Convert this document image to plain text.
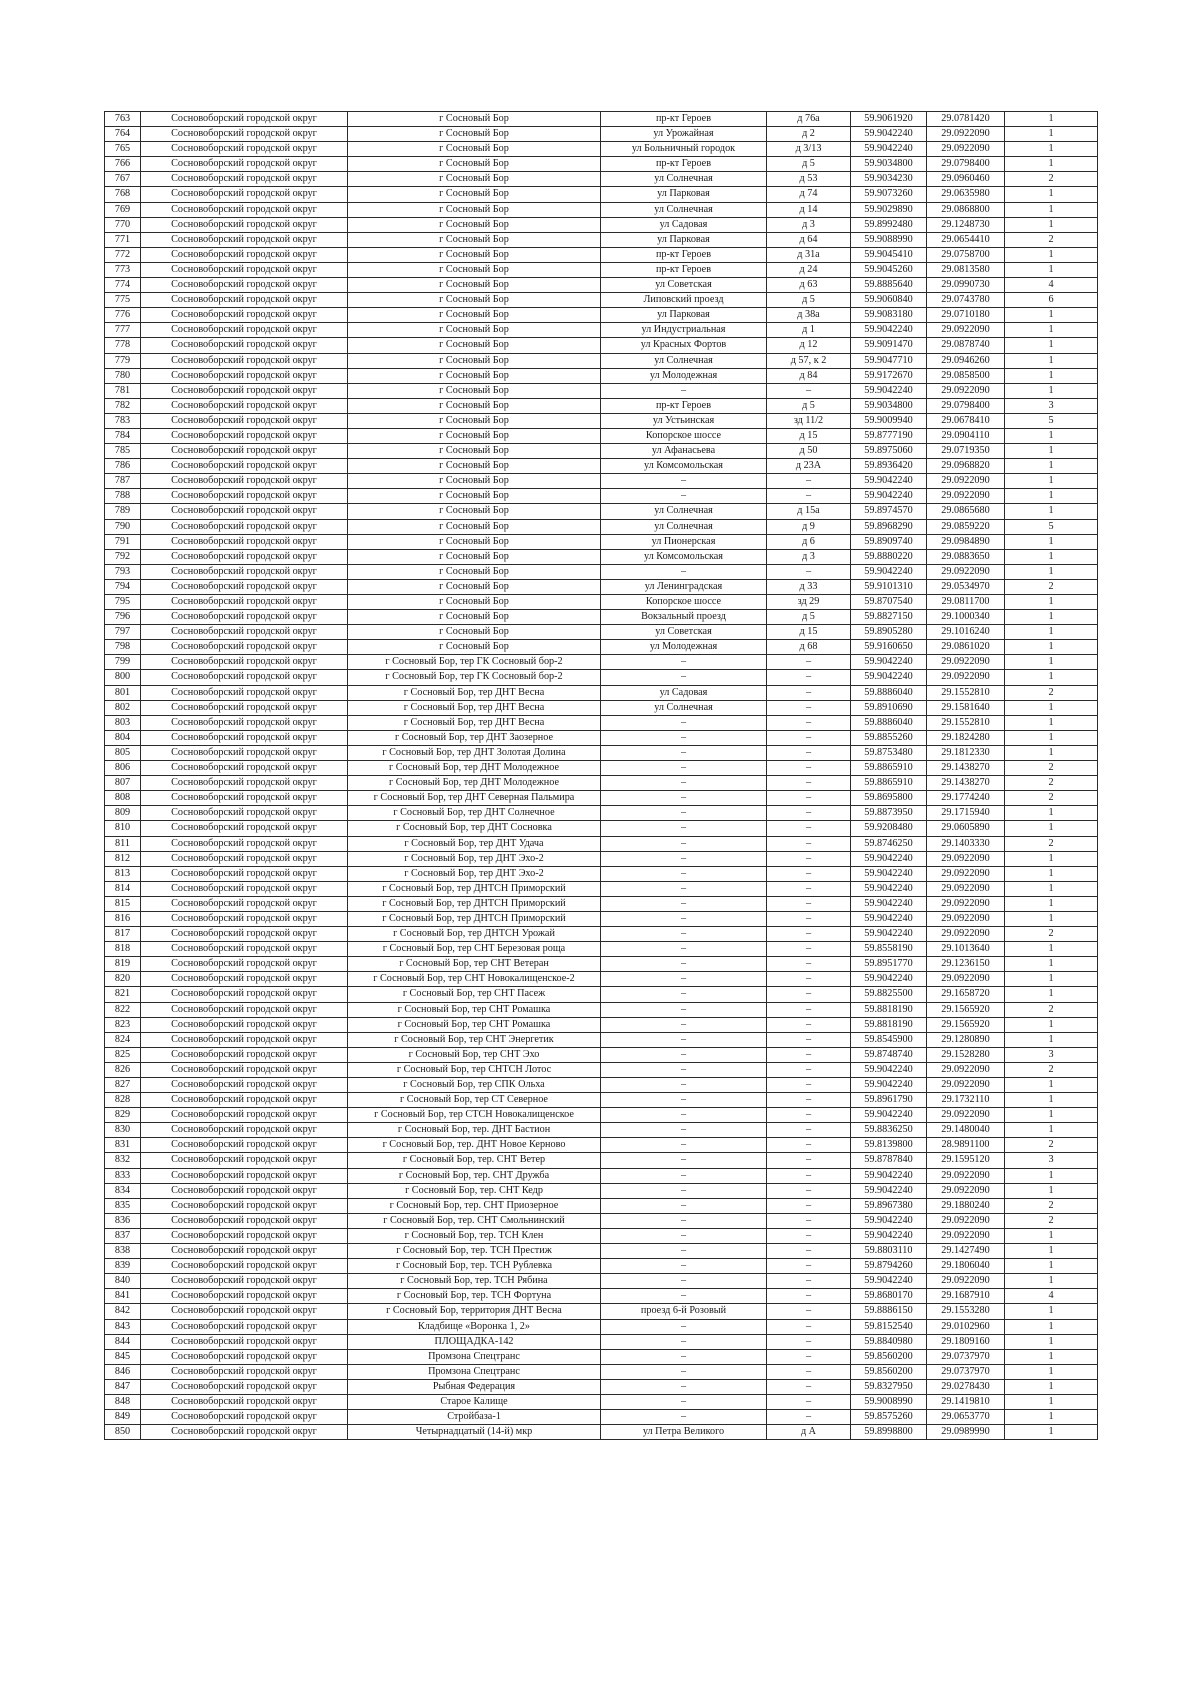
763	Сосновоборский городской округ	г Сосновый Бор	пр-кт Героев	д 76а	59.9061920	29.0781420	1
764	Сосновоборский городской округ	г Сосновый Бор	ул Урожайная	д 2	59.9042240	29.0922090	1
765	Сосновоборский городской округ	г Сосновый Бор	ул Больничный городок	д 3/13	59.9042240	29.0922090	1
766	Сосновоборский городской округ	г Сосновый Бор	пр-кт Героев	д 5	59.9034800	29.0798400	1
767	Сосновоборский городской округ	г Сосновый Бор	ул Солнечная	д 53	59.9034230	29.0960460	2
768	Сосновоборский городской округ	г Сосновый Бор	ул Парковая	д 74	59.9073260	29.0635980	1
769	Сосновоборский городской округ	г Сосновый Бор	ул Солнечная	д 14	59.9029890	29.0868800	1
770	Сосновоборский городской округ	г Сосновый Бор	ул Садовая	д 3	59.8992480	29.1248730	1
771	Сосновоборский городской округ	г Сосновый Бор	ул Парковая	д 64	59.9088990	29.0654410	2
772	Сосновоборский городской округ	г Сосновый Бор	пр-кт Героев	д 31а	59.9045410	29.0758700	1
773	Сосновоборский городской округ	г Сосновый Бор	пр-кт Героев	д 24	59.9045260	29.0813580	1
774	Сосновоборский городской округ	г Сосновый Бор	ул Советская	д 63	59.8885640	29.0990730	4
775	Сосновоборский городской округ	г Сосновый Бор	Липовский проезд	д 5	59.9060840	29.0743780	6
776	Сосновоборский городской округ	г Сосновый Бор	ул Парковая	д 38а	59.9083180	29.0710180	1
777	Сосновоборский городской округ	г Сосновый Бор	ул Индустриальная	д 1	59.9042240	29.0922090	1
778	Сосновоборский городской округ	г Сосновый Бор	ул Красных Фортов	д 12	59.9091470	29.0878740	1
779	Сосновоборский городской округ	г Сосновый Бор	ул Солнечная	д 57, к 2	59.9047710	29.0946260	1
780	Сосновоборский городской округ	г Сосновый Бор	ул Молодежная	д 84	59.9172670	29.0858500	1
781	Сосновоборский городской округ	г Сосновый Бор	–	–	59.9042240	29.0922090	1
782	Сосновоборский городской округ	г Сосновый Бор	пр-кт Героев	д 5	59.9034800	29.0798400	3
783	Сосновоборский городской округ	г Сосновый Бор	ул Устьинская	зд 11/2	59.9009940	29.0678410	5
784	Сосновоборский городской округ	г Сосновый Бор	Копорское шоссе	д 15	59.8777190	29.0904110	1
785	Сосновоборский городской округ	г Сосновый Бор	ул Афанасьева	д 50	59.8975060	29.0719350	1
786	Сосновоборский городской округ	г Сосновый Бор	ул Комсомольская	д 23А	59.8936420	29.0968820	1
787	Сосновоборский городской округ	г Сосновый Бор	–	–	59.9042240	29.0922090	1
788	Сосновоборский городской округ	г Сосновый Бор	–	–	59.9042240	29.0922090	1
789	Сосновоборский городской округ	г Сосновый Бор	ул Солнечная	д 15а	59.8974570	29.0865680	1
790	Сосновоборский городской округ	г Сосновый Бор	ул Солнечная	д 9	59.8968290	29.0859220	5
791	Сосновоборский городской округ	г Сосновый Бор	ул Пионерская	д 6	59.8909740	29.0984890	1
792	Сосновоборский городской округ	г Сосновый Бор	ул Комсомольская	д 3	59.8880220	29.0883650	1
793	Сосновоборский городской округ	г Сосновый Бор	–	–	59.9042240	29.0922090	1
794	Сосновоборский городской округ	г Сосновый Бор	ул Ленинградская	д 33	59.9101310	29.0534970	2
795	Сосновоборский городской округ	г Сосновый Бор	Копорское шоссе	зд 29	59.8707540	29.0811700	1
796	Сосновоборский городской округ	г Сосновый Бор	Вокзальный проезд	д 5	59.8827150	29.1000340	1
797	Сосновоборский городской округ	г Сосновый Бор	ул Советская	д 15	59.8905280	29.1016240	1
798	Сосновоборский городской округ	г Сосновый Бор	ул Молодежная	д 68	59.9160650	29.0861020	1
799	Сосновоборский городской округ	г Сосновый Бор, тер ГК Сосновый бор-2	–	–	59.9042240	29.0922090	1
800	Сосновоборский городской округ	г Сосновый Бор, тер ГК Сосновый бор-2	–	–	59.9042240	29.0922090	1
801	Сосновоборский городской округ	г Сосновый Бор, тер ДНТ Весна	ул Садовая	–	59.8886040	29.1552810	2
802	Сосновоборский городской округ	г Сосновый Бор, тер ДНТ Весна	ул Солнечная	–	59.8910690	29.1581640	1
803	Сосновоборский городской округ	г Сосновый Бор, тер ДНТ Весна	–	–	59.8886040	29.1552810	1
804	Сосновоборский городской округ	г Сосновый Бор, тер ДНТ Заозерное	–	–	59.8855260	29.1824280	1
805	Сосновоборский городской округ	г Сосновый Бор, тер ДНТ Золотая Долина	–	–	59.8753480	29.1812330	1
806	Сосновоборский городской округ	г Сосновый Бор, тер ДНТ Молодежное	–	–	59.8865910	29.1438270	2
807	Сосновоборский городской округ	г Сосновый Бор, тер ДНТ Молодежное	–	–	59.8865910	29.1438270	2
808	Сосновоборский городской округ	г Сосновый Бор, тер ДНТ Северная Пальмира	–	–	59.8695800	29.1774240	2
809	Сосновоборский городской округ	г Сосновый Бор, тер ДНТ Солнечное	–	–	59.8873950	29.1715940	1
810	Сосновоборский городской округ	г Сосновый Бор, тер ДНТ Сосновка	–	–	59.9208480	29.0605890	1
811	Сосновоборский городской округ	г Сосновый Бор, тер ДНТ Удача	–	–	59.8746250	29.1403330	2
812	Сосновоборский городской округ	г Сосновый Бор, тер ДНТ Эхо-2	–	–	59.9042240	29.0922090	1
813	Сосновоборский городской округ	г Сосновый Бор, тер ДНТ Эхо-2	–	–	59.9042240	29.0922090	1
814	Сосновоборский городской округ	г Сосновый Бор, тер ДНТСН Приморский	–	–	59.9042240	29.0922090	1
815	Сосновоборский городской округ	г Сосновый Бор, тер ДНТСН Приморский	–	–	59.9042240	29.0922090	1
816	Сосновоборский городской округ	г Сосновый Бор, тер ДНТСН Приморский	–	–	59.9042240	29.0922090	1
817	Сосновоборский городской округ	г Сосновый Бор, тер ДНТСН Урожай	–	–	59.9042240	29.0922090	2
818	Сосновоборский городской округ	г Сосновый Бор, тер СНТ Березовая роща	–	–	59.8558190	29.1013640	1
819	Сосновоборский городской округ	г Сосновый Бор, тер СНТ Ветеран	–	–	59.8951770	29.1236150	1
820	Сосновоборский городской округ	г Сосновый Бор, тер СНТ Новокалищенское-2	–	–	59.9042240	29.0922090	1
821	Сосновоборский городской округ	г Сосновый Бор, тер СНТ Пасеж	–	–	59.8825500	29.1658720	1
822	Сосновоборский городской округ	г Сосновый Бор, тер СНТ Ромашка	–	–	59.8818190	29.1565920	2
823	Сосновоборский городской округ	г Сосновый Бор, тер СНТ Ромашка	–	–	59.8818190	29.1565920	1
824	Сосновоборский городской округ	г Сосновый Бор, тер СНТ Энергетик	–	–	59.8545900	29.1280890	1
825	Сосновоборский городской округ	г Сосновый Бор, тер СНТ Эхо	–	–	59.8748740	29.1528280	3
826	Сосновоборский городской округ	г Сосновый Бор, тер СНТСН Лотос	–	–	59.9042240	29.0922090	2
827	Сосновоборский городской округ	г Сосновый Бор, тер СПК Ольха	–	–	59.9042240	29.0922090	1
828	Сосновоборский городской округ	г Сосновый Бор, тер СТ Северное	–	–	59.8961790	29.1732110	1
829	Сосновоборский городской округ	г Сосновый Бор, тер СТСН Новокалищенское	–	–	59.9042240	29.0922090	1
830	Сосновоборский городской округ	г Сосновый Бор, тер. ДНТ Бастион	–	–	59.8836250	29.1480040	1
831	Сосновоборский городской округ	г Сосновый Бор, тер. ДНТ Новое Керново	–	–	59.8139800	28.9891100	2
832	Сосновоборский городской округ	г Сосновый Бор, тер. СНТ Ветер	–	–	59.8787840	29.1595120	3
833	Сосновоборский городской округ	г Сосновый Бор, тер. СНТ Дружба	–	–	59.9042240	29.0922090	1
834	Сосновоборский городской округ	г Сосновый Бор, тер. СНТ Кедр	–	–	59.9042240	29.0922090	1
835	Сосновоборский городской округ	г Сосновый Бор, тер. СНТ Приозерное	–	–	59.8967380	29.1880240	2
836	Сосновоборский городской округ	г Сосновый Бор, тер. СНТ Смольнинский	–	–	59.9042240	29.0922090	2
837	Сосновоборский городской округ	г Сосновый Бор, тер. ТСН Клен	–	–	59.9042240	29.0922090	1
838	Сосновоборский городской округ	г Сосновый Бор, тер. ТСН Престиж	–	–	59.8803110	29.1427490	1
839	Сосновоборский городской округ	г Сосновый Бор, тер. ТСН Рублевка	–	–	59.8794260	29.1806040	1
840	Сосновоборский городской округ	г Сосновый Бор, тер. ТСН Рябина	–	–	59.9042240	29.0922090	1
841	Сосновоборский городской округ	г Сосновый Бор, тер. ТСН Фортуна	–	–	59.8680170	29.1687910	4
842	Сосновоборский городской округ	г Сосновый Бор, территория ДНТ Весна	проезд 6-й Розовый	–	59.8886150	29.1553280	1
843	Сосновоборский городской округ	Кладбище «Воронка 1, 2»	–	–	59.8152540	29.0102960	1
844	Сосновоборский городской округ	ПЛОЩАДКА-142	–	–	59.8840980	29.1809160	1
845	Сосновоборский городской округ	Промзона Спецтранс	–	–	59.8560200	29.0737970	1
846	Сосновоборский городской округ	Промзона Спецтранс	–	–	59.8560200	29.0737970	1
847	Сосновоборский городской округ	Рыбная Федерация	–	–	59.8327950	29.0278430	1
848	Сосновоборский городской округ	Старое Калище	–	–	59.9008990	29.1419810	1
849	Сосновоборский городской округ	Стройбаза-1	–	–	59.8575260	29.0653770	1
850	Сосновоборский городской округ	Четырнадцатый (14-й) мкр	ул Петра Великого	д А	59.8998800	29.0989990	1
